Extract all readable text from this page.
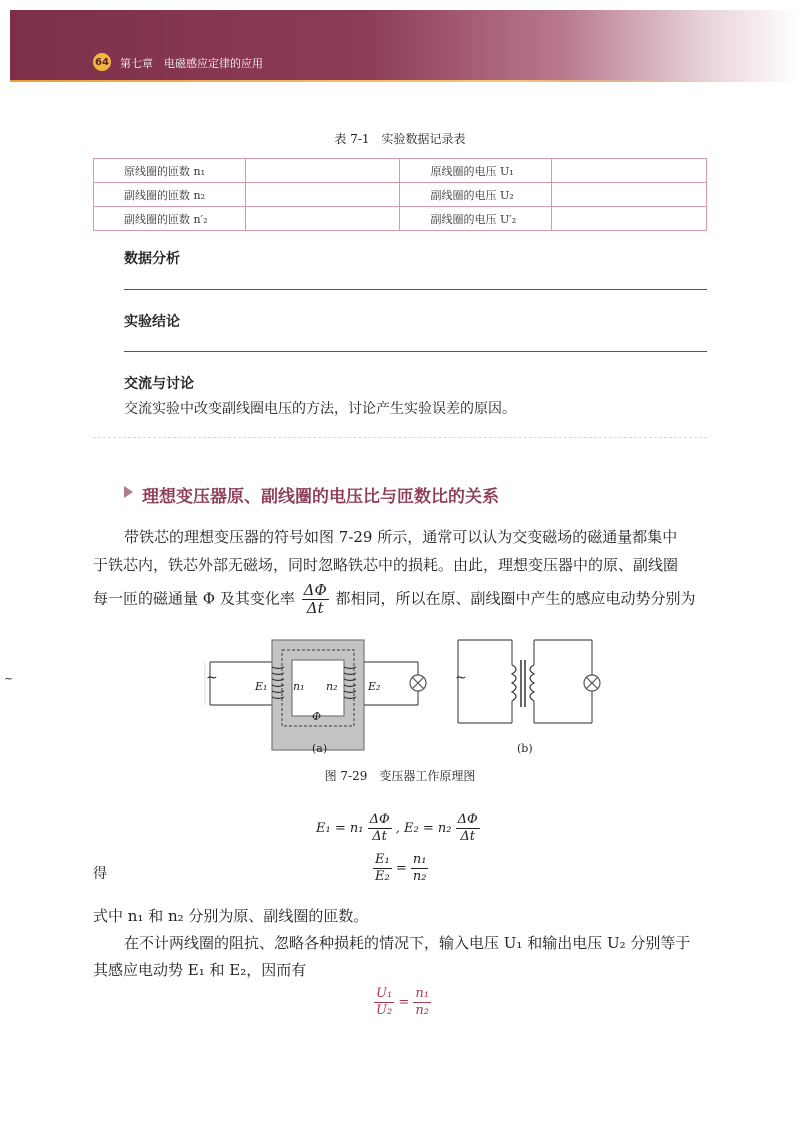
64 第七章　电磁感应定律的应用
表 7-1　实验数据记录表
原线圈的匝数 n₁		原线圈的电压 U₁	
副线圈的匝数 n₂		副线圈的电压 U₂	
副线圈的匝数 n′₂		副线圈的电压 U′₂	
数据分析
实验结论
交流与讨论
交流实验中改变副线圈电压的方法，讨论产生实验误差的原因。
理想变压器原、副线圈的电压比与匝数比的关系
带铁芯的理想变压器的符号如图 7-29 所示，通常可以认为交变磁场的磁通量都集中
于铁芯内，铁芯外部无磁场，同时忽略铁芯中的损耗。由此，理想变压器中的原、副线圈
每一匝的磁通量 Φ 及其变化率 $\frac{\Delta\Phi}{\Delta t}$ 都相同，所以在原、副线圈中产生的感应电动势分别为
~	~	~
E₁ n₁ n₂	E₂
Φ
(a)	(b)
图 7-29　变压器工作原理图
$E_1 = n_1 \frac{\Delta\Phi}{\Delta t}$ , $E_2 = n_2 \frac{\Delta\Phi}{\Delta t}$
得	$\frac{\text{E₁}}{\text{E₂}} = \frac{\text{n₁}}{\text{n₂}}$
式中 n₁ 和 n₂ 分别为原、副线圈的匝数。
在不计两线圈的阻抗、忽略各种损耗的情况下，输入电压 U₁ 和输出电压 U₂ 分别等于
其感应电动势 E₁ 和 E₂，因而有
$\frac{\text{U₁}}{\text{U₂}} = \frac{\text{n₁}}{\text{n₂}}$
